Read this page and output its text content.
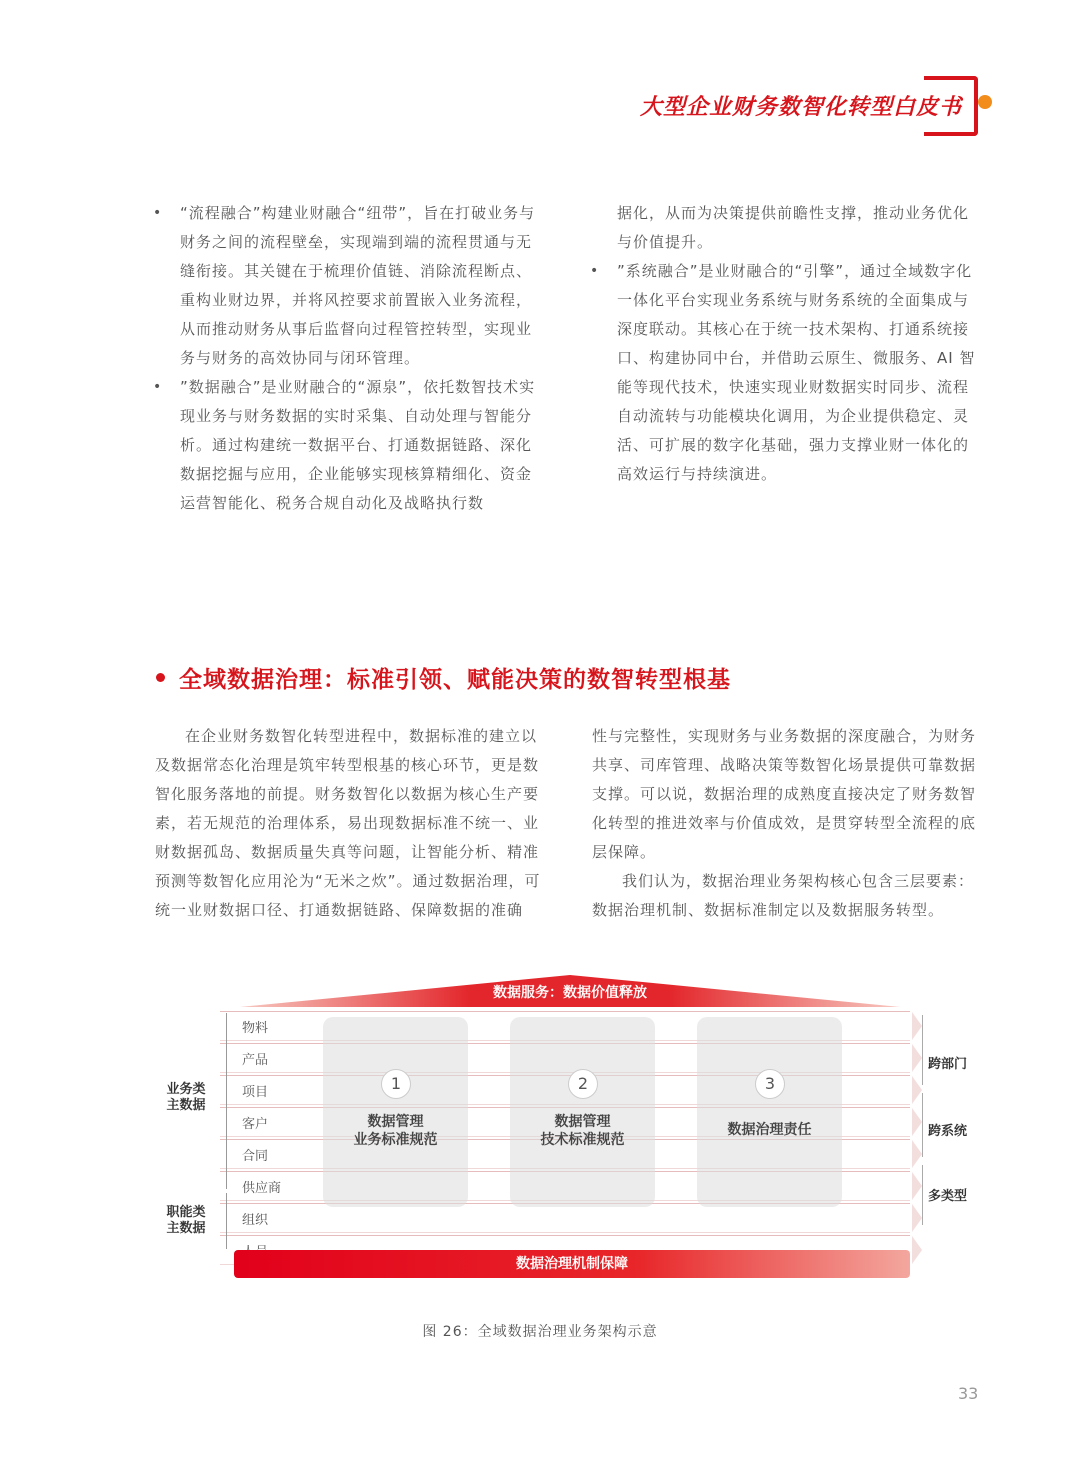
大型企业财务数智化转型白皮书

• “流程融合”构建业财融合“纽带”，旨在打破业务与财务之间的流程壁垒，实现端到端的流程贯通与无缝衔接。其关键在于梳理价值链、消除流程断点、重构业财边界，并将风控要求前置嵌入业务流程，从而推动财务从事后监督向过程管控转型，实现业务与财务的高效协同与闭环管理。

• ”数据融合”是业财融合的“源泉”，依托数智技术实现业务与财务数据的实时采集、自动处理与智能分析。通过构建统一数据平台、打通数据链路、深化数据挖掘与应用，企业能够实现核算精细化、资金运营智能化、税务合规自动化及战略执行数

据化，从而为决策提供前瞻性支撑，推动业务优化与价值提升。

• ”系统融合”是业财融合的“引擎”，通过全域数字化一体化平台实现业务系统与财务系统的全面集成与深度联动。其核心在于统一技术架构、打通系统接口、构建协同中台，并借助云原生、微服务、AI 智能等现代技术，快速实现业财数据实时同步、流程自动流转与功能模块化调用，为企业提供稳定、灵活、可扩展的数字化基础，强力支撑业财一体化的高效运行与持续演进。

全域数据治理：标准引领、赋能决策的数智转型根基

在企业财务数智化转型进程中，数据标准的建立以及数据常态化治理是筑牢转型根基的核心环节，更是数智化服务落地的前提。财务数智化以数据为核心生产要素，若无规范的治理体系，易出现数据标准不统一、业财数据孤岛、数据质量失真等问题，让智能分析、精准预测等数智化应用沦为“无米之炊”。通过数据治理，可统一业财数据口径、打通数据链路、保障数据的准确

性与完整性，实现财务与业务数据的深度融合，为财务共享、司库管理、战略决策等数智化场景提供可靠数据支撑。可以说，数据治理的成熟度直接决定了财务数智化转型的推进效率与价值成效，是贯穿转型全流程的底层保障。

我们认为，数据治理业务架构核心包含三层要素：数据治理机制、数据标准制定以及数据服务转型。

数据服务：数据价值释放
物料
产品
项目
客户
合同
供应商
组织
业务类
主数据
职能类
主数据
1
数据管理
业务标准规范
2
数据管理
技术标准规范
3
数据治理责任
跨部门
跨系统
多类型
数据治理机制保障
图 26：全域数据治理业务架构示意
33
